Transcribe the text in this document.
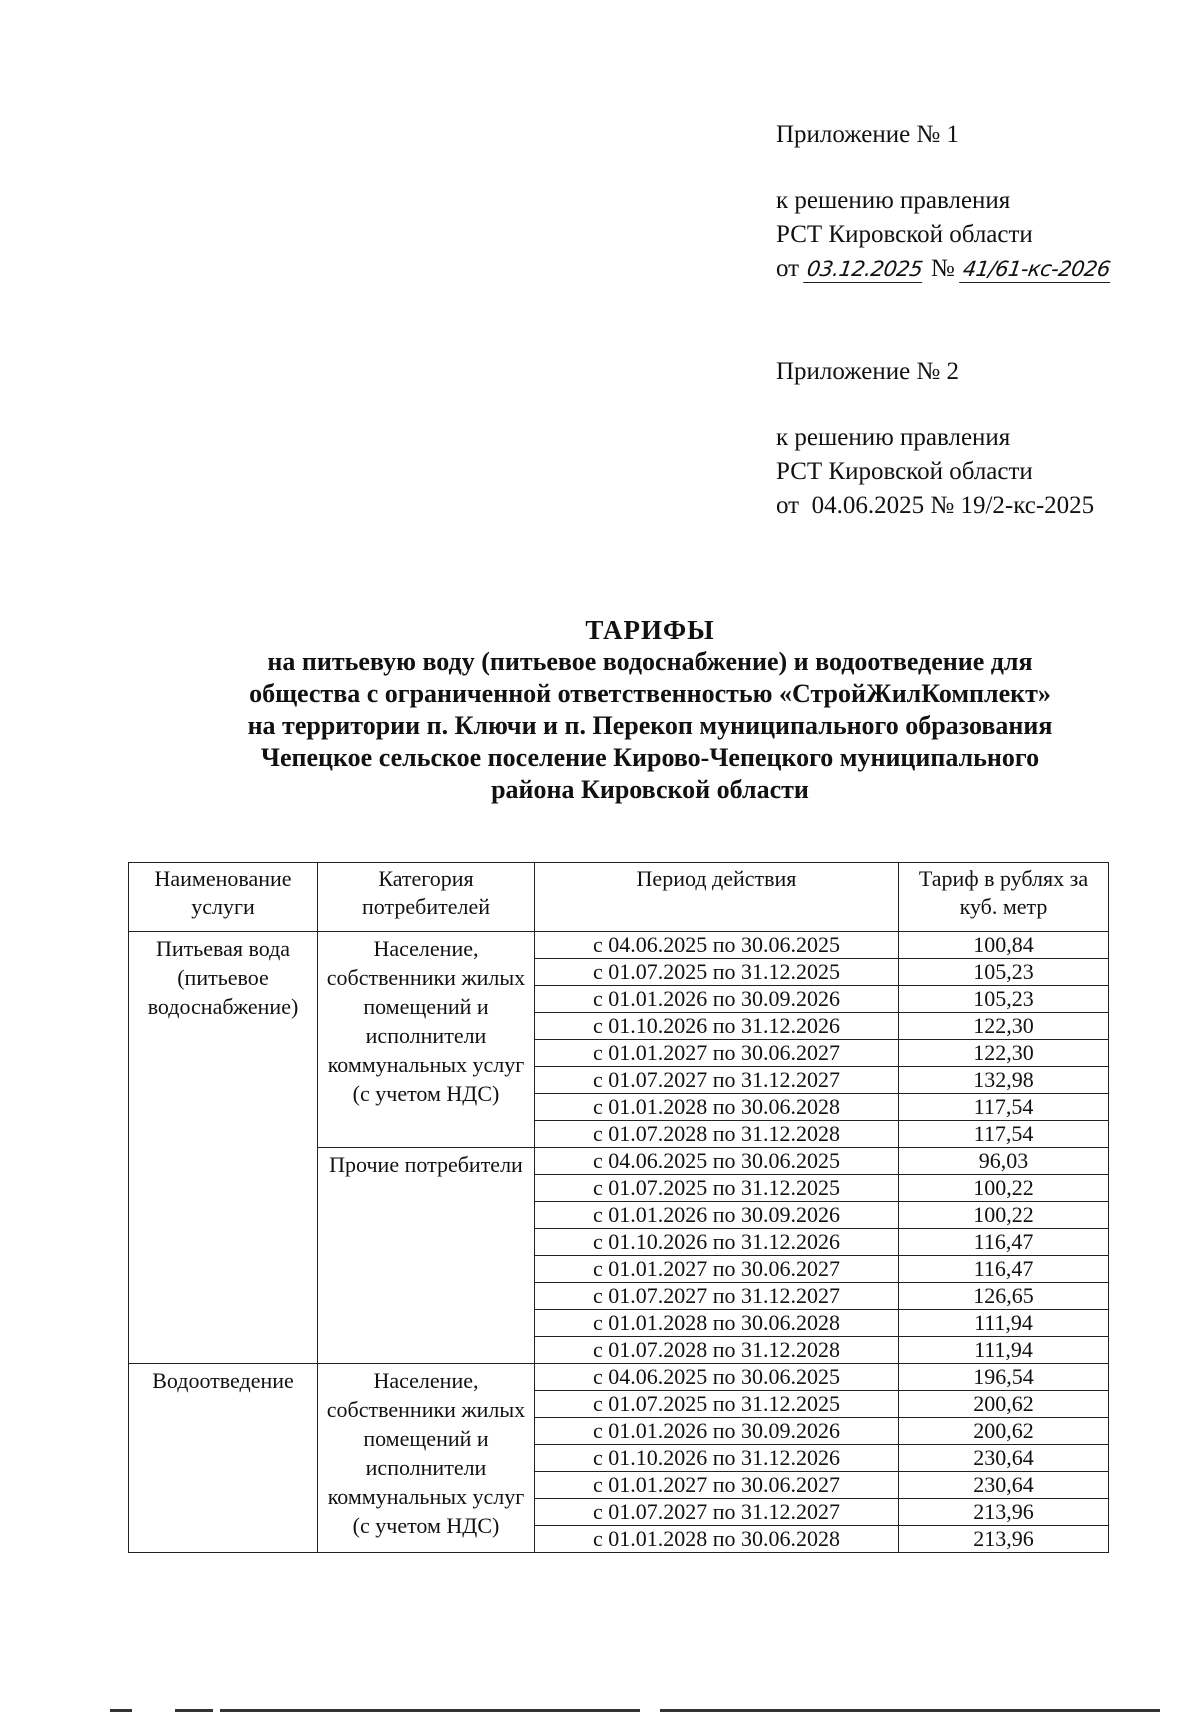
Приложение № 1

к решению правления

РСТ Кировской области

от 03.12.2025 № 41/61-кс-2026

Приложение № 2

к решению правления

РСТ Кировской области

от  04.06.2025 № 19/2-кс-2025

ТАРИФЫ
на питьевую воду (питьевое водоснабжение) и водоотведение для
общества с ограниченной ответственностью «СтройЖилКомплект»
на территории п. Ключи и п. Перекоп муниципального образования
Чепецкое сельское поселение Кирово-Чепецкого муниципального
района Кировской области
Наименование услуги	Категория потребителей	Период действия	Тариф в рублях за куб. метр
Питьевая вода (питьевое водоснабжение)	Население, собственники жилых помещений и исполнители коммунальных услуг (с учетом НДС)	с 04.06.2025 по 30.06.2025	100,84
		с 01.07.2025 по 31.12.2025	105,23
		с 01.01.2026 по 30.09.2026	105,23
		с 01.10.2026 по 31.12.2026	122,30
		с 01.01.2027 по 30.06.2027	122,30
		с 01.07.2027 по 31.12.2027	132,98
		с 01.01.2028 по 30.06.2028	117,54
		с 01.07.2028 по 31.12.2028	117,54
	Прочие потребители	с 04.06.2025 по 30.06.2025	96,03
		с 01.07.2025 по 31.12.2025	100,22
		с 01.01.2026 по 30.09.2026	100,22
		с 01.10.2026 по 31.12.2026	116,47
		с 01.01.2027 по 30.06.2027	116,47
		с 01.07.2027 по 31.12.2027	126,65
		с 01.01.2028 по 30.06.2028	111,94
		с 01.07.2028 по 31.12.2028	111,94
Водоотведение	Население, собственники жилых помещений и исполнители коммунальных услуг (с учетом НДС)	с 04.06.2025 по 30.06.2025	196,54
		с 01.07.2025 по 31.12.2025	200,62
		с 01.01.2026 по 30.09.2026	200,62
		с 01.10.2026 по 31.12.2026	230,64
		с 01.01.2027 по 30.06.2027	230,64
		с 01.07.2027 по 31.12.2027	213,96
		с 01.01.2028 по 30.06.2028	213,96
